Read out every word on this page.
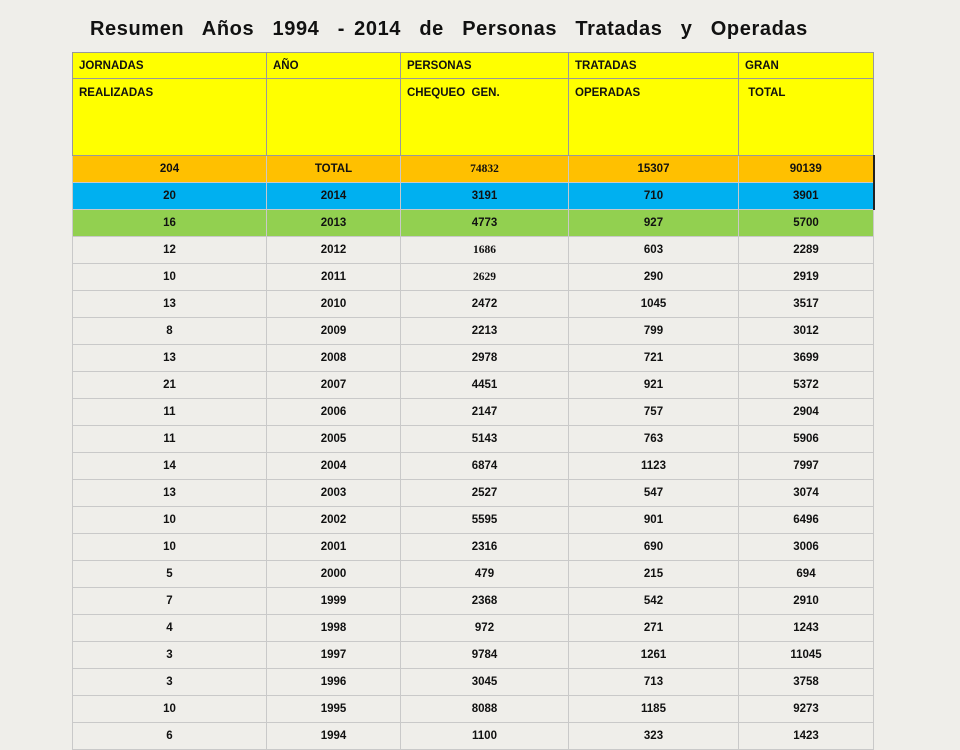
Resumen  Años  1994  - 2014  de  Personas  Tratadas  y  Operadas
JORNADAS	AÑO	PERSONAS	TRATADAS	GRAN
REALIZADAS		CHEQUEO  GEN.	OPERADAS	TOTAL
204	TOTAL	74832	15307	90139
20	2014	3191	710	3901
16	2013	4773	927	5700
12	2012	1686	603	2289
10	2011	2629	290	2919
13	2010	2472	1045	3517
8	2009	2213	799	3012
13	2008	2978	721	3699
21	2007	4451	921	5372
11	2006	2147	757	2904
11	2005	5143	763	5906
14	2004	6874	1123	7997
13	2003	2527	547	3074
10	2002	5595	901	6496
10	2001	2316	690	3006
5	2000	479	215	694
7	1999	2368	542	2910
4	1998	972	271	1243
3	1997	9784	1261	11045
3	1996	3045	713	3758
10	1995	8088	1185	9273
6	1994	1100	323	1423
